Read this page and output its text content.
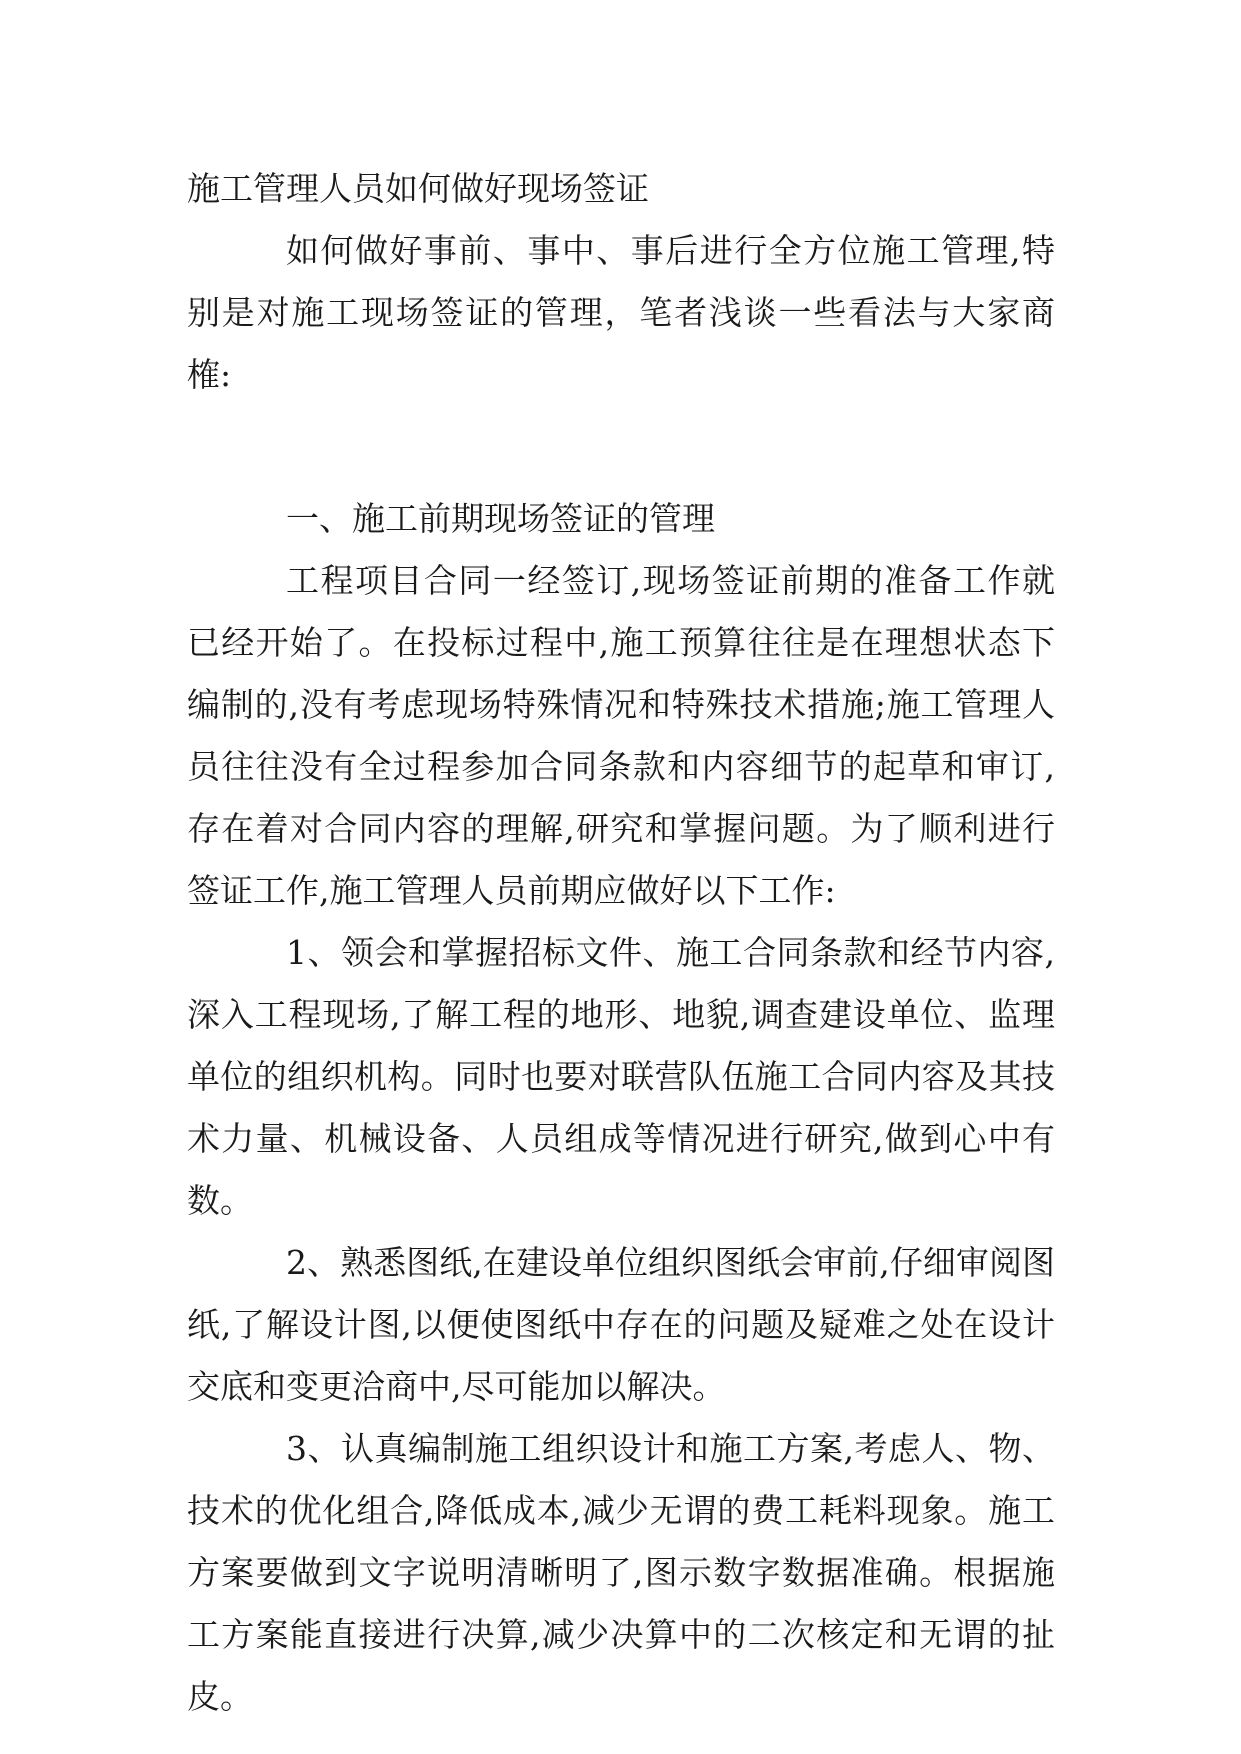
施工管理人员如何做好现场签证

如何做好事前、事中、事后进行全方位施工管理,特别是对施工现场签证的管理，笔者浅谈一些看法与大家商榷:

一、施工前期现场签证的管理

工程项目合同一经签订,现场签证前期的准备工作就已经开始了。在投标过程中,施工预算往往是在理想状态下编制的,没有考虑现场特殊情况和特殊技术措施;施工管理人员往往没有全过程参加合同条款和内容细节的起草和审订,存在着对合同内容的理解,研究和掌握问题。为了顺利进行签证工作,施工管理人员前期应做好以下工作:

1、领会和掌握招标文件、施工合同条款和经节内容,深入工程现场,了解工程的地形、地貌,调查建设单位、监理单位的组织机构。同时也要对联营队伍施工合同内容及其技术力量、机械设备、人员组成等情况进行研究,做到心中有数。

2、熟悉图纸,在建设单位组织图纸会审前,仔细审阅图纸,了解设计图,以便使图纸中存在的问题及疑难之处在设计交底和变更洽商中,尽可能加以解决。

3、认真编制施工组织设计和施工方案,考虑人、物、技术的优化组合,降低成本,减少无谓的费工耗料现象。施工方案要做到文字说明清晰明了,图示数字数据准确。根据施工方案能直接进行决算,减少决算中的二次核定和无谓的扯皮。
